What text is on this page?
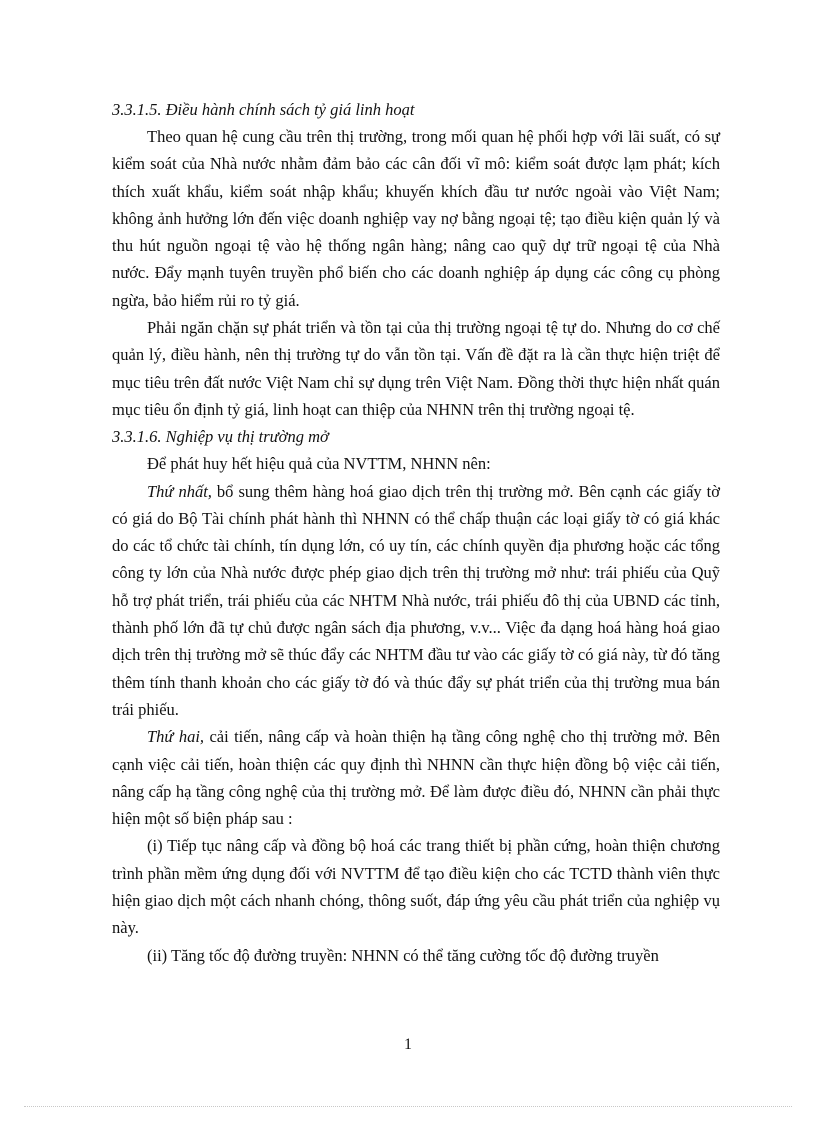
3.3.1.5. Điều hành chính sách tỷ giá linh hoạt

Theo quan hệ cung cầu trên thị trường, trong mối quan hệ phối hợp với lãi suất, có sự kiểm soát của Nhà nước nhằm đảm bảo các cân đối vĩ mô: kiểm soát được lạm phát; kích thích xuất khẩu, kiểm soát nhập khẩu; khuyến khích đầu tư nước ngoài vào Việt Nam; không ảnh hưởng lớn đến việc doanh nghiệp vay nợ bằng ngoại tệ; tạo điều kiện quản lý và thu hút nguồn ngoại tệ vào hệ thống ngân hàng; nâng cao quỹ dự trữ ngoại tệ của Nhà nước. Đẩy mạnh tuyên truyền phổ biến cho các doanh nghiệp áp dụng các công cụ phòng ngừa, bảo hiểm rủi ro tỷ giá.

Phải ngăn chặn sự phát triển và tồn tại của thị trường ngoại tệ tự do. Nhưng do cơ chế quản lý, điều hành, nên thị trường tự do vẫn tồn tại. Vấn đề đặt ra là cần thực hiện triệt để mục tiêu trên đất nước Việt Nam chỉ sự dụng trên Việt Nam. Đồng thời thực hiện nhất quán mục tiêu ổn định tỷ giá, linh hoạt can thiệp của NHNN trên thị trường ngoại tệ.

3.3.1.6. Nghiệp vụ thị trường mở

Để phát huy hết hiệu quả của NVTTM, NHNN nên:

Thứ nhất, bổ sung thêm hàng hoá giao dịch trên thị trường mở. Bên cạnh các giấy tờ có giá do Bộ Tài chính phát hành thì NHNN có thể chấp thuận các loại giấy tờ có giá khác do các tổ chức tài chính, tín dụng lớn, có uy tín, các chính quyền địa phương hoặc các tổng công ty lớn của Nhà nước được phép giao dịch trên thị trường mở như: trái phiếu của Quỹ hỗ trợ phát triển, trái phiếu của các NHTM Nhà nước, trái phiếu đô thị của UBND các tỉnh, thành phố lớn đã tự chủ được ngân sách địa phương, v.v... Việc đa dạng hoá hàng hoá giao dịch trên thị trường mở sẽ thúc đẩy các NHTM đầu tư vào các giấy tờ có giá này, từ đó tăng thêm tính thanh khoản cho các giấy tờ đó và thúc đẩy sự phát triển của thị trường mua bán trái phiếu.

Thứ hai, cải tiến, nâng cấp và hoàn thiện hạ tầng công nghệ cho thị trường mở. Bên cạnh việc cải tiến, hoàn thiện các quy định thì NHNN cần thực hiện đồng bộ việc cải tiến, nâng cấp hạ tầng công nghệ của thị trường mở. Để làm được điều đó, NHNN cần phải thực hiện một số biện pháp sau :

(i) Tiếp tục nâng cấp và đồng bộ hoá các trang thiết bị phần cứng, hoàn thiện chương trình phần mềm ứng dụng đối với NVTTM để tạo điều kiện cho các TCTD thành viên thực hiện giao dịch một cách nhanh chóng, thông suốt, đáp ứng yêu cầu phát triển của nghiệp vụ này.

(ii) Tăng tốc độ đường truyền: NHNN có thể tăng cường tốc độ đường truyền

1
